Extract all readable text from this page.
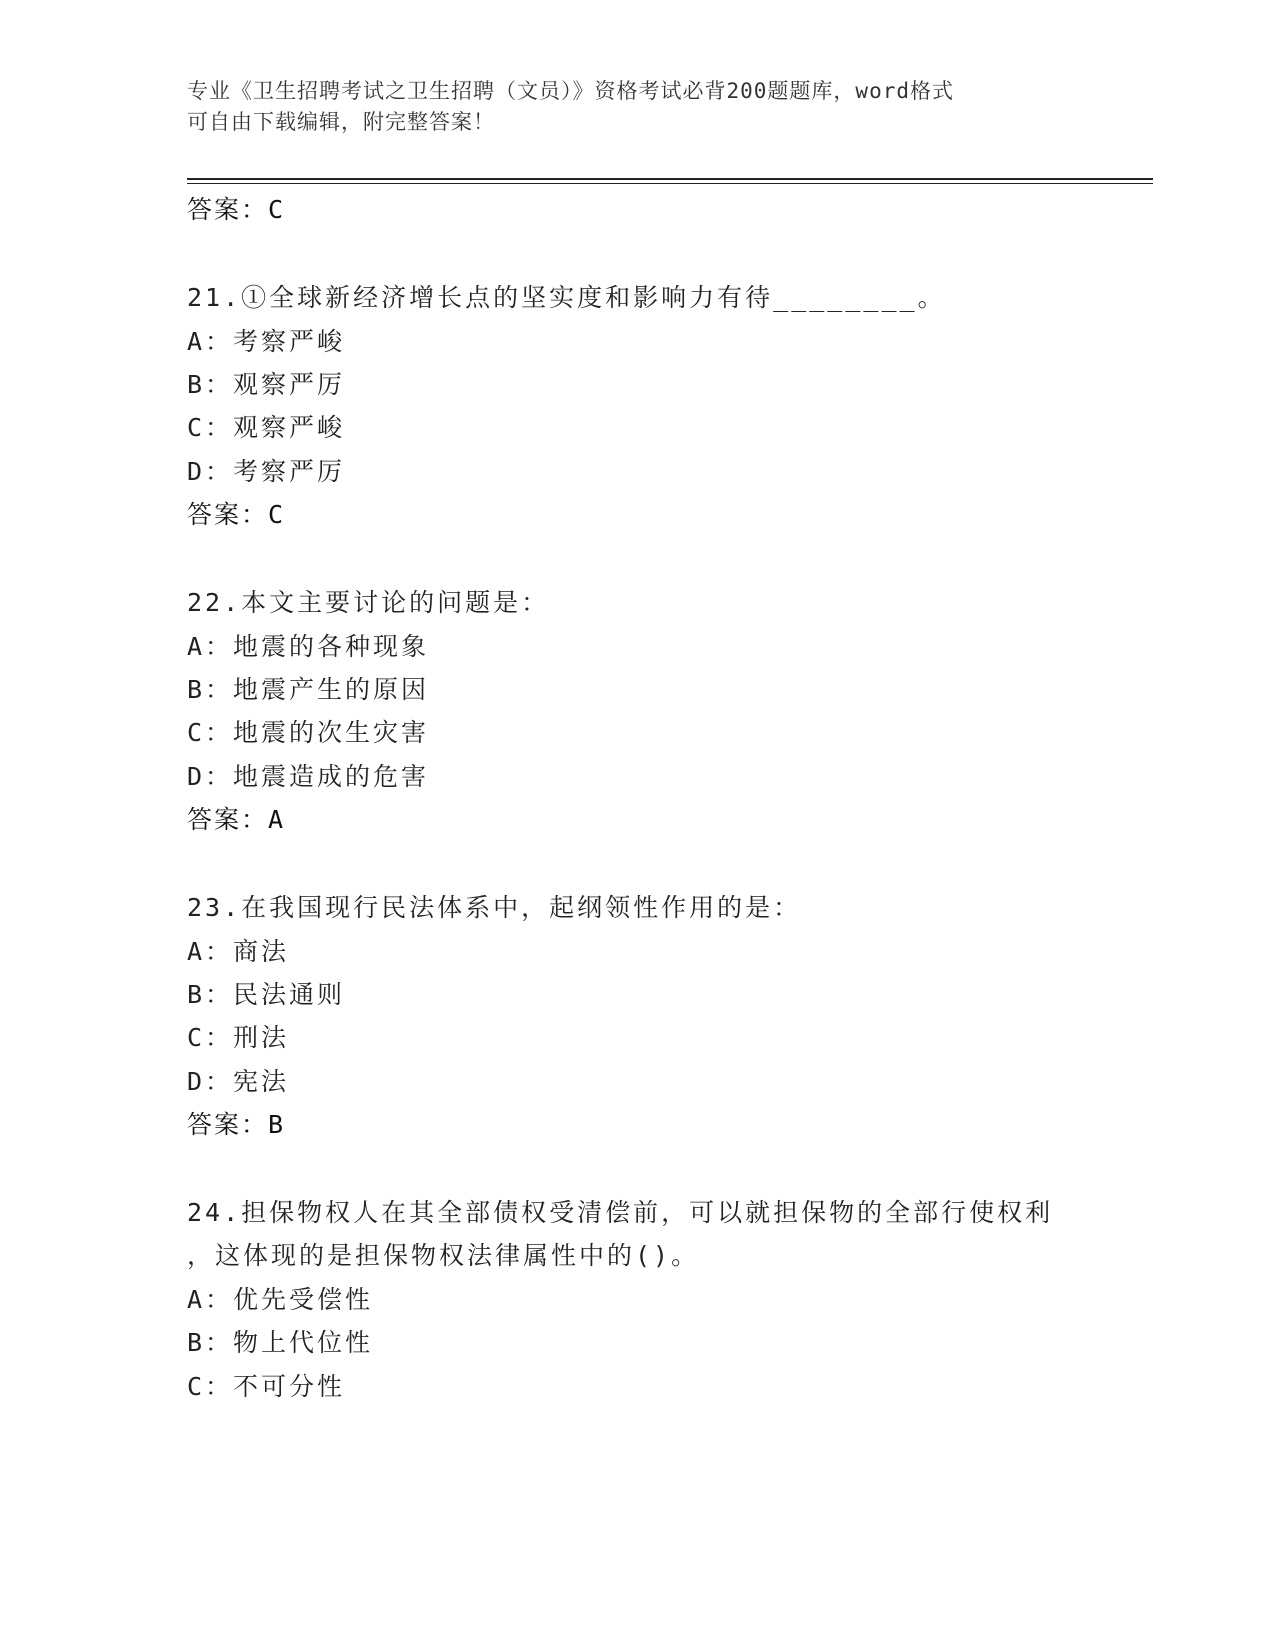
专业《卫生招聘考试之卫生招聘（文员）》资格考试必背200题题库，word格式
可自由下载编辑，附完整答案！
答案：C
21.①全球新经济增长点的坚实度和影响力有待________。
A：考察严峻
B：观察严厉
C：观察严峻
D：考察严厉
答案：C
22.本文主要讨论的问题是：
A：地震的各种现象
B：地震产生的原因
C：地震的次生灾害
D：地震造成的危害
答案：A
23.在我国现行民法体系中，起纲领性作用的是：
A：商法
B：民法通则
C：刑法
D：宪法
答案：B
24.担保物权人在其全部债权受清偿前，可以就担保物的全部行使权利
，这体现的是担保物权法律属性中的()。
A：优先受偿性
B：物上代位性
C：不可分性
